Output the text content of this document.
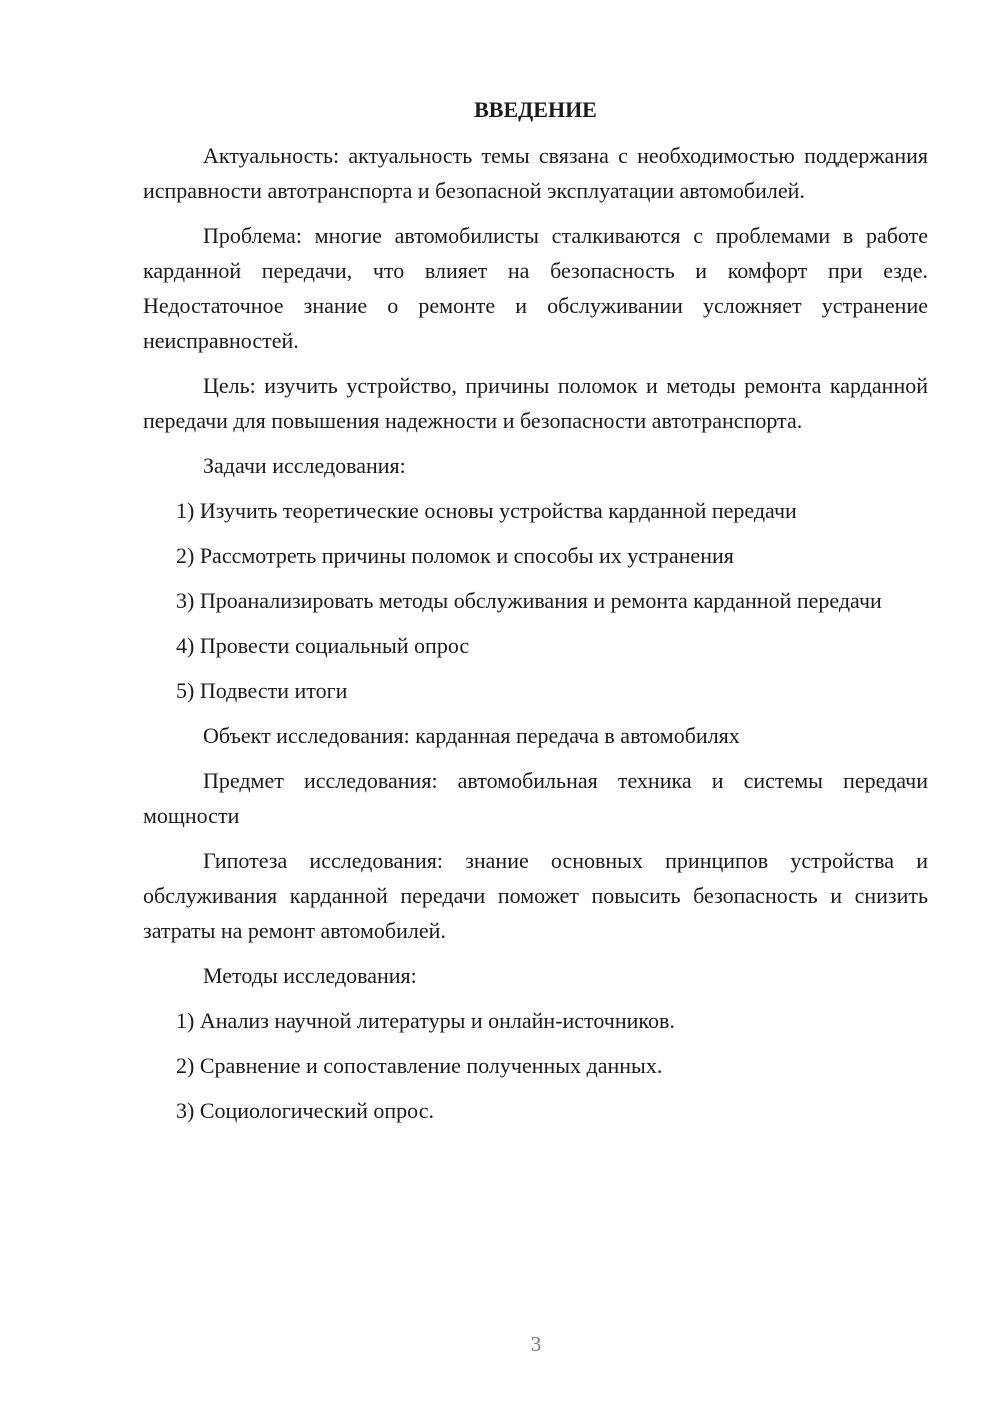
ВВЕДЕНИЕ

Актуальность: актуальность темы связана с необходимостью поддержания исправности автотранспорта и безопасной эксплуатации автомобилей.

Проблема: многие автомобилисты сталкиваются с проблемами в работе карданной передачи, что влияет на безопасность и комфорт при езде. Недостаточное знание о ремонте и обслуживании усложняет устранение неисправностей.

Цель: изучить устройство, причины поломок и методы ремонта карданной передачи для повышения надежности и безопасности автотранспорта.

Задачи исследования:

1) Изучить теоретические основы устройства карданной передачи

2) Рассмотреть причины поломок и способы их устранения

3) Проанализировать методы обслуживания и ремонта карданной передачи

4) Провести социальный опрос

5) Подвести итоги

Объект исследования: карданная передача в автомобилях

Предмет исследования: автомобильная техника и системы передачи мощности

Гипотеза исследования: знание основных принципов устройства и обслуживания карданной передачи поможет повысить безопасность и снизить затраты на ремонт автомобилей.

Методы исследования:

1) Анализ научной литературы и онлайн-источников.

2) Сравнение и сопоставление полученных данных.

3) Социологический опрос.

3
